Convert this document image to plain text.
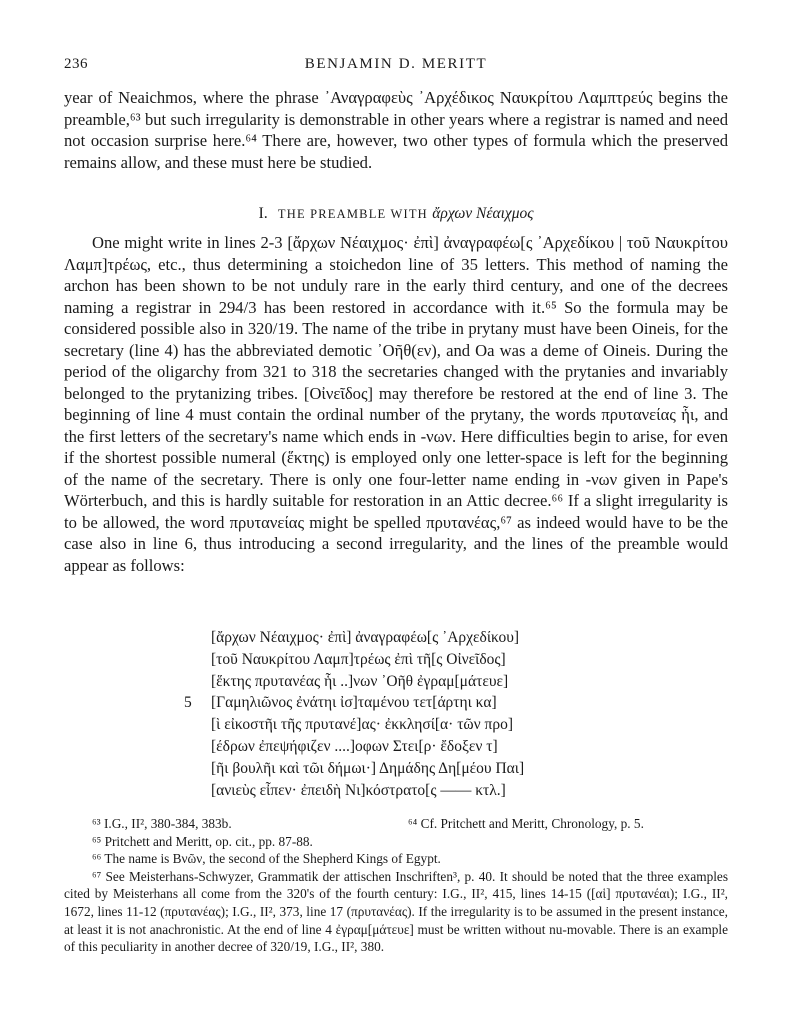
236	BENJAMIN D. MERITT

year of Neaichmos, where the phrase ᾿Αναγραφεὺς ᾿Αρχέδικος Ναυκρίτου Λαμπτρεύς begins the preamble,⁶³ but such irregularity is demonstrable in other years where a registrar is named and need not occasion surprise here.⁶⁴ There are, however, two other types of formula which the preserved remains allow, and these must here be studied.

I. THE PREAMBLE WITH ἄρχων Νέαιχμος

One might write in lines 2-3 [ἄρχων Νέαιχμος· ἐπὶ] ἀναγραφέω[ς ᾿Αρχεδίκου | τοῦ Ναυκρίτου Λαμπ]τρέως, etc., thus determining a stoichedon line of 35 letters. This method of naming the archon has been shown to be not unduly rare in the early third century, and one of the decrees naming a registrar in 294/3 has been restored in accordance with it.⁶⁵ So the formula may be considered possible also in 320/19. The name of the tribe in prytany must have been Oineis, for the secretary (line 4) has the abbreviated demotic ᾿Οῆθ(εν), and Oa was a deme of Oineis. During the period of the oligarchy from 321 to 318 the secretaries changed with the prytanies and invariably belonged to the prytanizing tribes. [Οἰνεῖδος] may therefore be restored at the end of line 3. The beginning of line 4 must contain the ordinal number of the prytany, the words πρυτανείας ἧι, and the first letters of the secretary's name which ends in -νων. Here difficulties begin to arise, for even if the shortest possible numeral (ἕκτης) is employed only one letter-space is left for the beginning of the name of the secretary. There is only one four-letter name ending in -νων given in Pape's Wörterbuch, and this is hardly suitable for restoration in an Attic decree.⁶⁶ If a slight irregularity is to be allowed, the word πρυτανείας might be spelled πρυτανέας,⁶⁷ as indeed would have to be the case also in line 6, thus introducing a second irregularity, and the lines of the preamble would appear as follows:

[ἄρχων Νέαιχμος· ἐπὶ] ἀναγραφέω[ς ᾿Αρχεδίκου]
[τοῦ Ναυκρίτου Λαμπ]τρέως ἐπὶ τῆ[ς Οἰνεῖδος]
[ἕκτης πρυτανέας ἧι ..]νων ᾿Οῆθ ἐγραμ[μάτευε]
5	[Γαμηλιῶνος ἐνάτηι ἰσ]ταμένου τετ[άρτηι κα]
[ὶ εἰκοστῆι τῆς πρυτανέ]ας· ἐκκλησί[α· τῶν προ]
[έδρων ἐπεψήφιζεν ....]οφων Στει[ρ· ἔδοξεν τ]
[ῆι βουλῆι καὶ τῶι δήμωι·] Δημάδης Δη[μέου Παι]
[ανιεὺς εἶπεν· ἐπειδὴ Νι]κόστρατο[ς —— κτλ.]
⁶³ I.G., II², 380-384, 383b.	⁶⁴ Cf. Pritchett and Meritt, Chronology, p. 5.

⁶⁵ Pritchett and Meritt, op. cit., pp. 87-88.

⁶⁶ The name is Βνῶν, the second of the Shepherd Kings of Egypt.

⁶⁷ See Meisterhans-Schwyzer, Grammatik der attischen Inschriften³, p. 40. It should be noted that the three examples cited by Meisterhans all come from the 320's of the fourth century: I.G., II², 415, lines 14-15 ([αἱ] πρυτανέαι); I.G., II², 1672, lines 11-12 (πρυτανέας); I.G., II², 373, line 17 (πρυτανέας). If the irregularity is to be assumed in the present instance, at least it is not anachronistic. At the end of line 4 ἐγραμ[μάτευε] must be written without nu-movable. There is an example of this peculiarity in another decree of 320/19, I.G., II², 380.
